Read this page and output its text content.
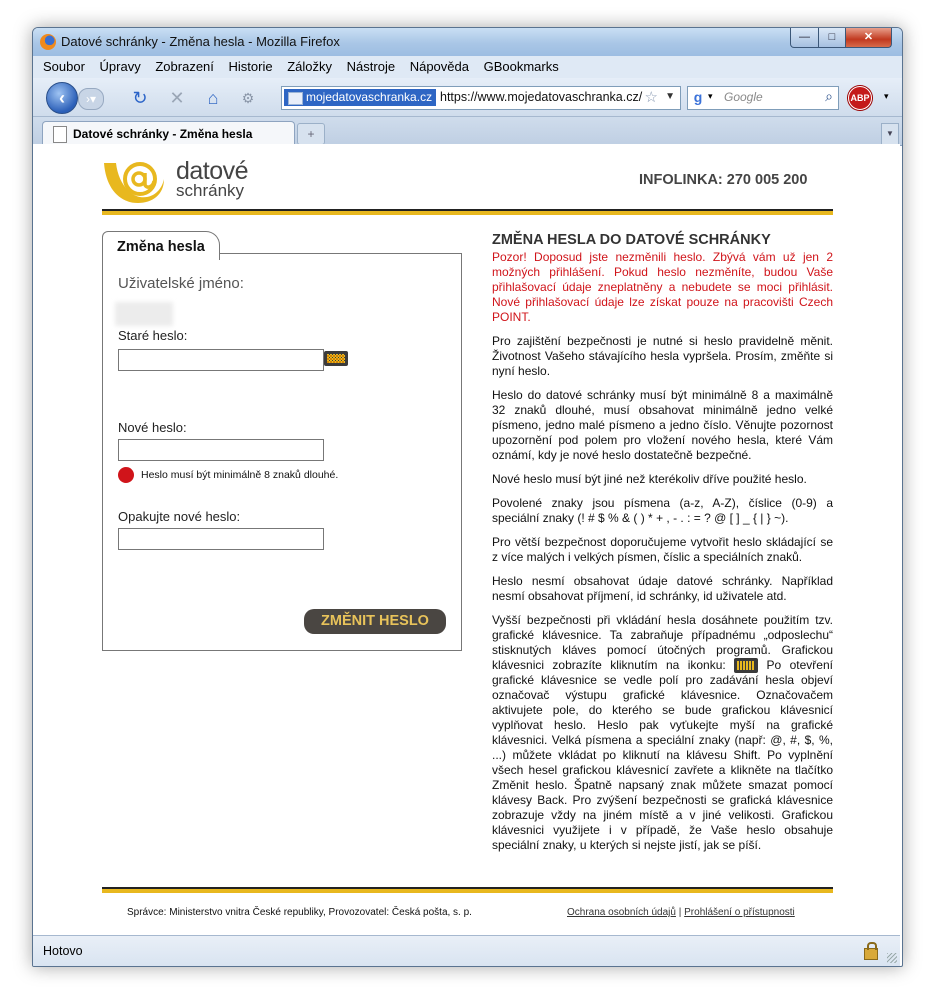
Datové schránky - Změna hesla - Mozilla Firefox	—	□	✕
Soubor Úpravy Zobrazení Historie Záložky Nástroje Nápověda GBookmarks
‹	›▾	↻ ✕	⌂	⚙	mojedatovaschranka.cz https://www.mojedatovaschranka.cz/ ☆ ▼ g ▾ Google	⌕ ABP ▾
Datové schránky - Změna hesla	+	▼
datové
schránky
INFOLINKA: 270 005 200
Změna hesla
Uživatelské jméno:
Staré heslo:
Nové heslo:
Heslo musí být minimálně 8 znaků dlouhé.
Opakujte nové heslo:
ZMĚNIT HESLO
ZMĚNA HESLA DO DATOVÉ SCHRÁNKY

Pozor! Doposud jste nezměnili heslo. Zbývá vám už jen 2 možných přihlášení. Pokud heslo nezměníte, budou Vaše přihlašovací údaje zneplatněny a nebudete se moci přihlásit. Nové přihlašovací údaje lze získat pouze na pracovišti Czech POINT.

Pro zajištění bezpečnosti je nutné si heslo pravidelně měnit. Životnost Vašeho stávajícího hesla vypršela. Prosím, změňte si nyní heslo.

Heslo do datové schránky musí být minimálně 8 a maximálně 32 znaků dlouhé, musí obsahovat minimálně jedno velké písmeno, jedno malé písmeno a jedno číslo. Věnujte pozornost upozornění pod polem pro vložení nového hesla, které Vám oznámí, kdy je nové heslo dostatečně bezpečné.

Nové heslo musí být jiné než kterékoliv dříve použité heslo.

Povolené znaky jsou písmena (a-z, A-Z), číslice (0-9) a speciální znaky (! # $ % & ( ) * + , - . : = ? @ [ ] _ { | } ~).

Pro větší bezpečnost doporučujeme vytvořit heslo skládající se z více malých i velkých písmen, číslic a speciálních znaků.

Heslo nesmí obsahovat údaje datové schránky. Například nesmí obsahovat příjmení, id schránky, id uživatele atd.

Vyšší bezpečnosti při vkládání hesla dosáhnete použitím tzv. grafické klávesnice. Ta zabraňuje případnému „odposlechu“ stisknutých kláves pomocí útočných programů. Grafickou klávesnici zobrazíte kliknutím na ikonku:	Po otevření grafické klávesnice se vedle polí pro zadávání hesla objeví označovač výstupu grafické klávesnice. Označovačem aktivujete pole, do kterého se bude grafickou klávesnicí vyplňovat heslo. Heslo pak vyťukejte myší na grafické klávesnici. Velká písmena a speciální znaky (např: @, #, $, %, ...) můžete vkládat po kliknutí na klávesu Shift. Po vyplnění všech hesel grafickou klávesnicí zavřete a klikněte na tlačítko Změnit heslo. Špatně napsaný znak můžete smazat pomocí klávesy Back. Pro zvýšení bezpečnosti se grafická klávesnice zobrazuje vždy na jiném místě a v jiné velikosti. Grafickou klávesnici využijete i v případě, že Vaše heslo obsahuje speciální znaky, u kterých si nejste jistí, jak se píší.

Správce: Ministerstvo vnitra České republiky, Provozovatel: Česká pošta, s. p.	Ochrana osobních údajů | Prohlášení o přístupnosti
Hotovo
